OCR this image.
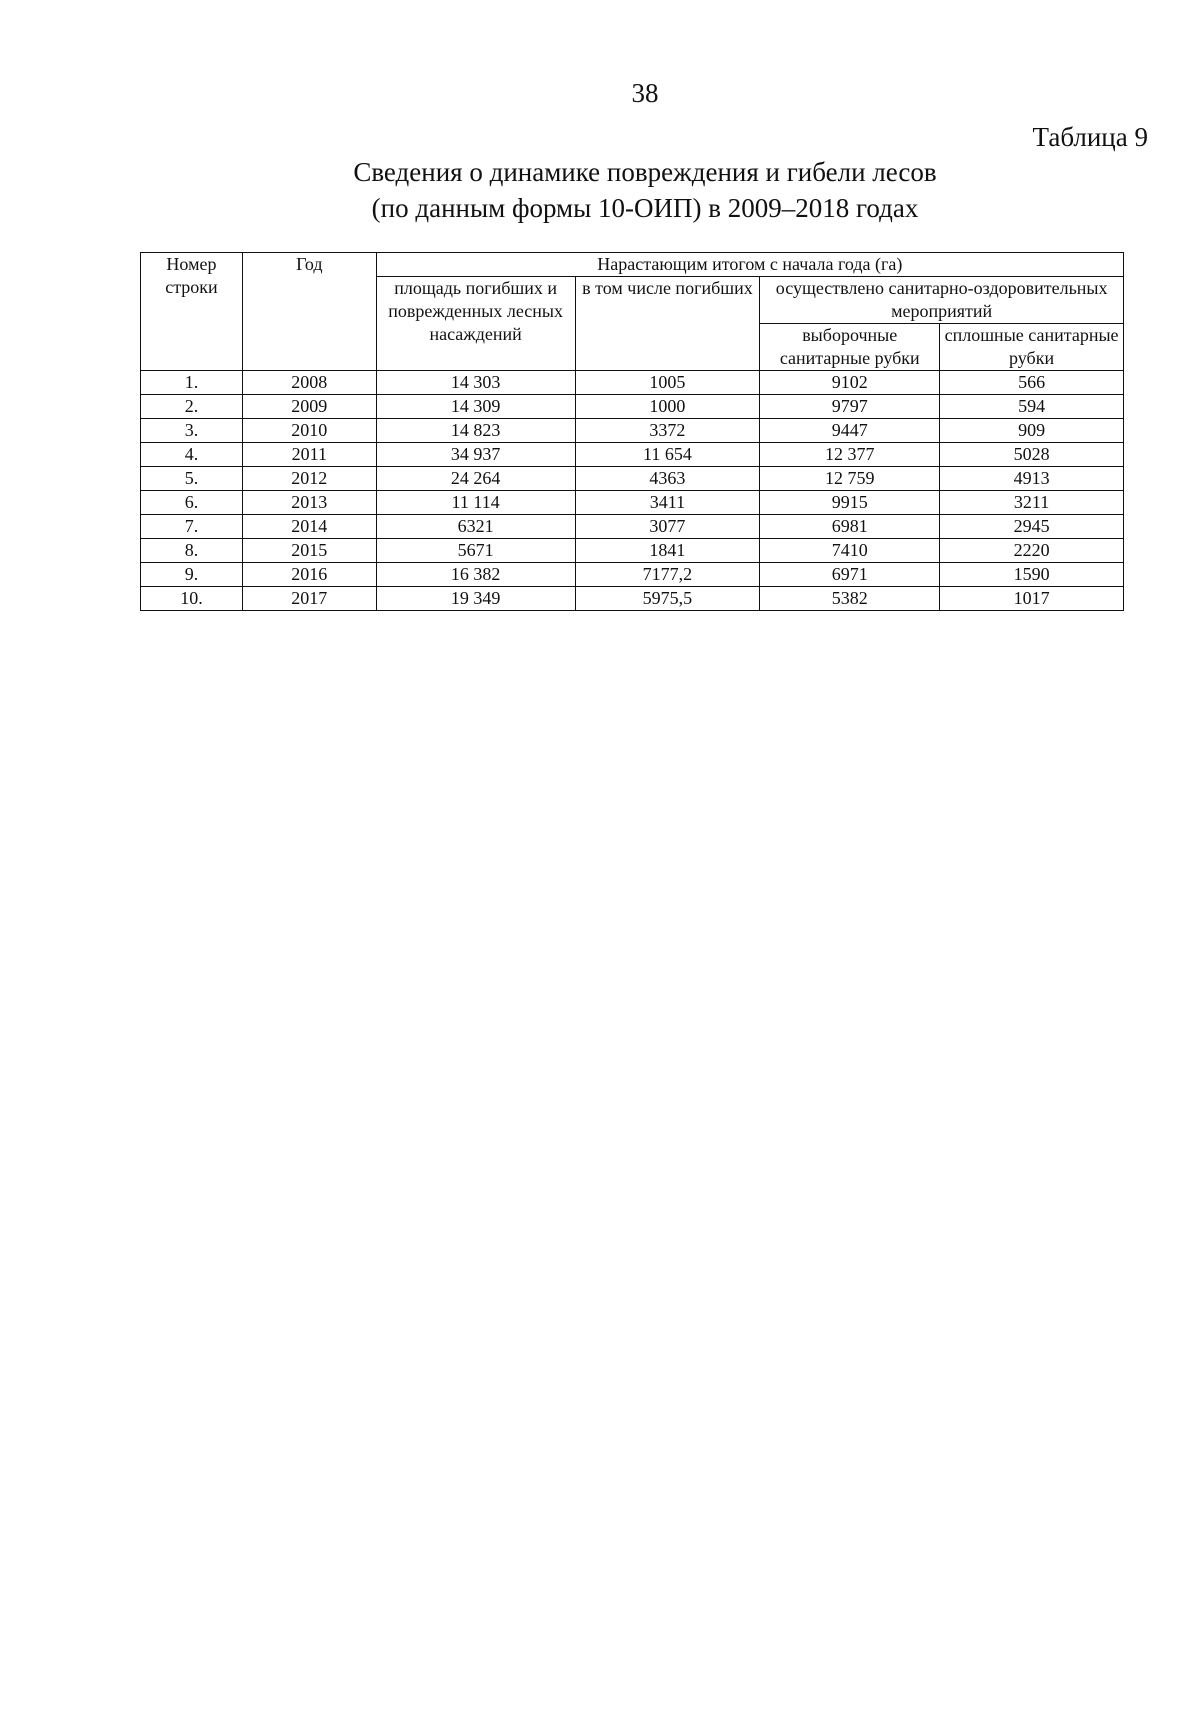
38
Таблица 9
Сведения о динамике повреждения и гибели лесов
(по данным формы 10-ОИП) в 2009–2018 годах
Номер строки	Год	Нарастающим итогом с начала года (га)			
		площадь погибших и поврежденных лесных насаждений	в том числе погибших	осуществлено санитарно-оздоровительных мероприятий	
				выборочные санитарные рубки	сплошные санитарные рубки
1.	2008	14 303	1005	9102	566
2.	2009	14 309	1000	9797	594
3.	2010	14 823	3372	9447	909
4.	2011	34 937	11 654	12 377	5028
5.	2012	24 264	4363	12 759	4913
6.	2013	11 114	3411	9915	3211
7.	2014	6321	3077	6981	2945
8.	2015	5671	1841	7410	2220
9.	2016	16 382	7177,2	6971	1590
10.	2017	19 349	5975,5	5382	1017
